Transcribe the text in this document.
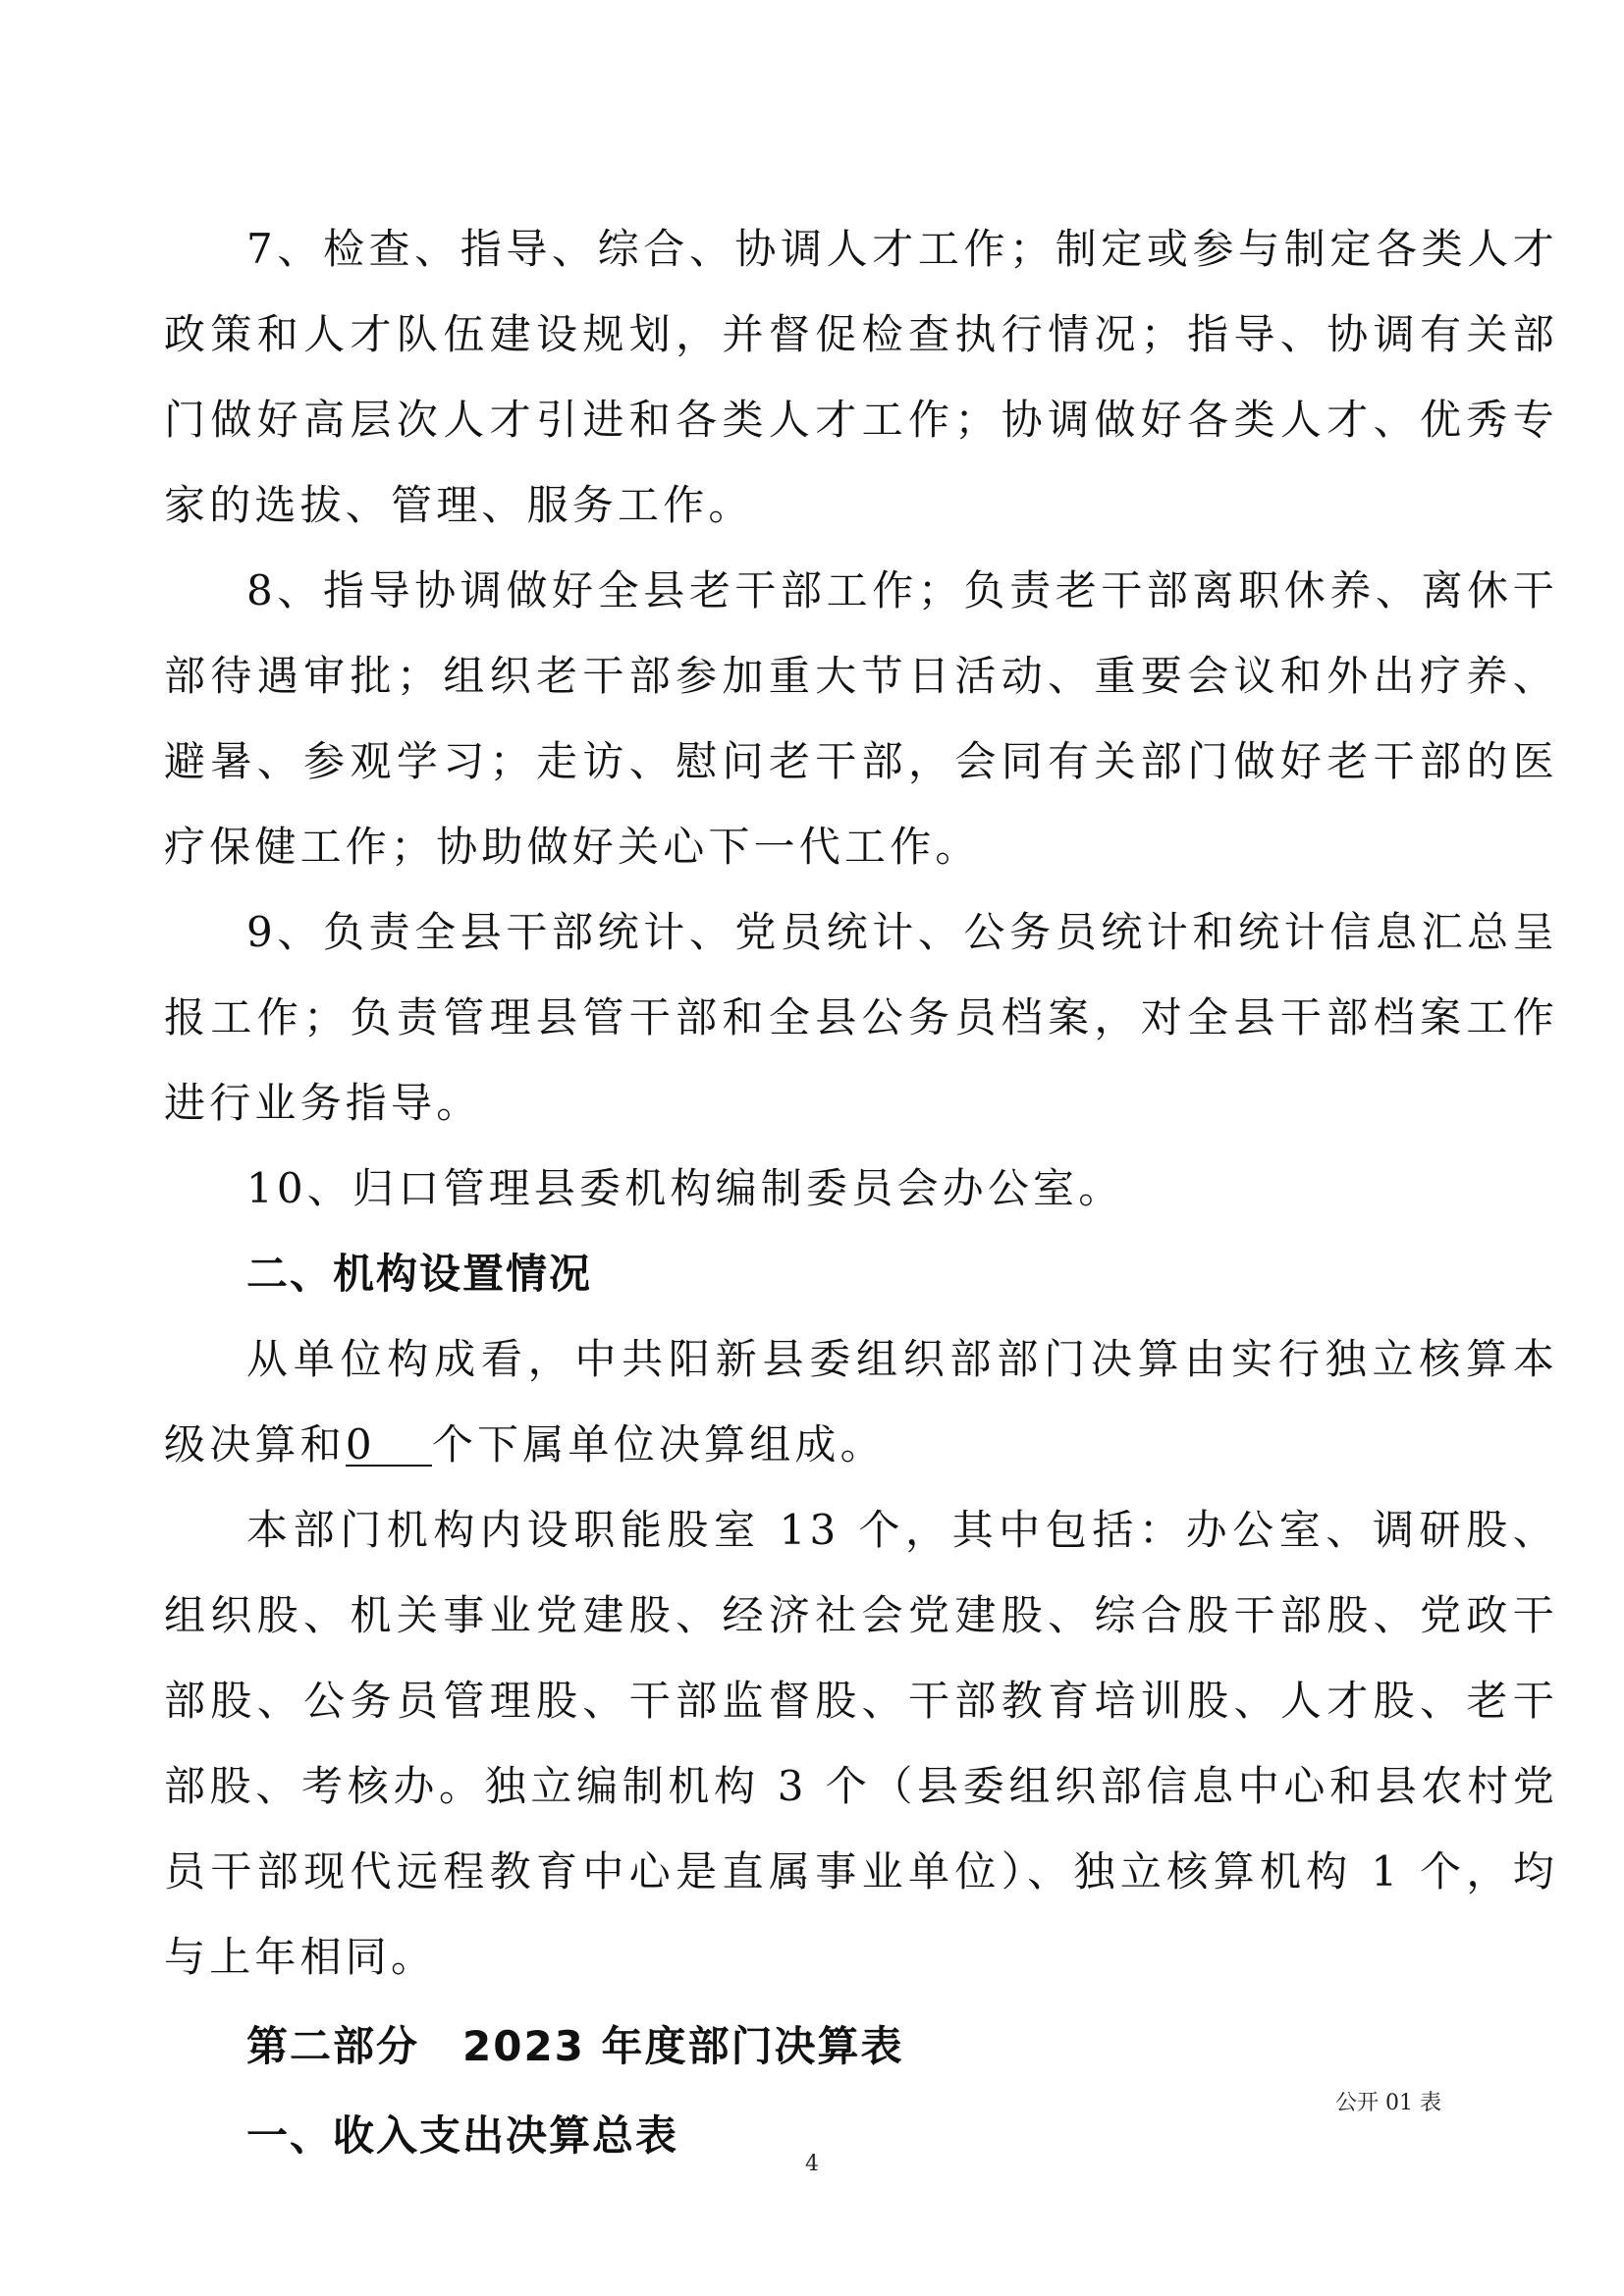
7、检查、指导、综合、协调人才工作；制定或参与制定各类人才政策和人才队伍建设规划，并督促检查执行情况；指导、协调有关部门做好高层次人才引进和各类人才工作；协调做好各类人才、优秀专家的选拔、管理、服务工作。

8、指导协调做好全县老干部工作；负责老干部离职休养、离休干部待遇审批；组织老干部参加重大节日活动、重要会议和外出疗养、避暑、参观学习；走访、慰问老干部，会同有关部门做好老干部的医疗保健工作；协助做好关心下一代工作。

9、负责全县干部统计、党员统计、公务员统计和统计信息汇总呈报工作；负责管理县管干部和全县公务员档案，对全县干部档案工作进行业务指导。

10、归口管理县委机构编制委员会办公室。

二、机构设置情况

从单位构成看，中共阳新县委组织部部门决算由实行独立核算本级决算和0 个下属单位决算组成。

本部门机构内设职能股室 13 个，其中包括：办公室、调研股、组织股、机关事业党建股、经济社会党建股、综合股干部股、党政干部股、公务员管理股、干部监督股、干部教育培训股、人才股、老干部股、考核办。独立编制机构 3 个（县委组织部信息中心和县农村党员干部现代远程教育中心是直属事业单位）、独立核算机构 1 个，均与上年相同。

第二部分　2023 年度部门决算表
一、收入支出决算总表
公开 01 表
4
